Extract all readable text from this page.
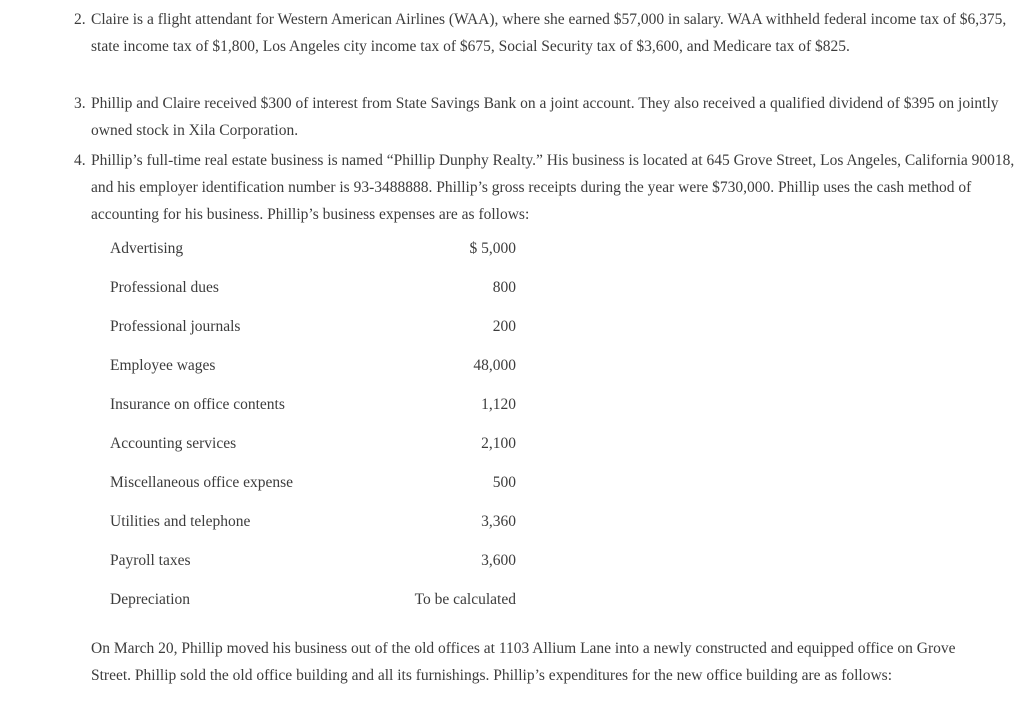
2. Claire is a flight attendant for Western American Airlines (WAA), where she earned $57,000 in salary. WAA withheld federal income tax of $6,375, state income tax of $1,800, Los Angeles city income tax of $675, Social Security tax of $3,600, and Medicare tax of $825.
3. Phillip and Claire received $300 of interest from State Savings Bank on a joint account. They also received a qualified dividend of $395 on jointly owned stock in Xila Corporation.
4. Phillip’s full-time real estate business is named “Phillip Dunphy Realty.” His business is located at 645 Grove Street, Los Angeles, California 90018, and his employer identification number is 93-3488888. Phillip’s gross receipts during the year were $730,000. Phillip uses the cash method of accounting for his business. Phillip’s business expenses are as follows:
Advertising	$ 5,000
Professional dues	800
Professional journals	200
Employee wages	48,000
Insurance on office contents	1,120
Accounting services	2,100
Miscellaneous office expense	500
Utilities and telephone	3,360
Payroll taxes	3,600
Depreciation	To be calculated
On March 20, Phillip moved his business out of the old offices at 1103 Allium Lane into a newly constructed and equipped office on Grove Street. Phillip sold the old office building and all its furnishings. Phillip’s expenditures for the new office building are as follows:
